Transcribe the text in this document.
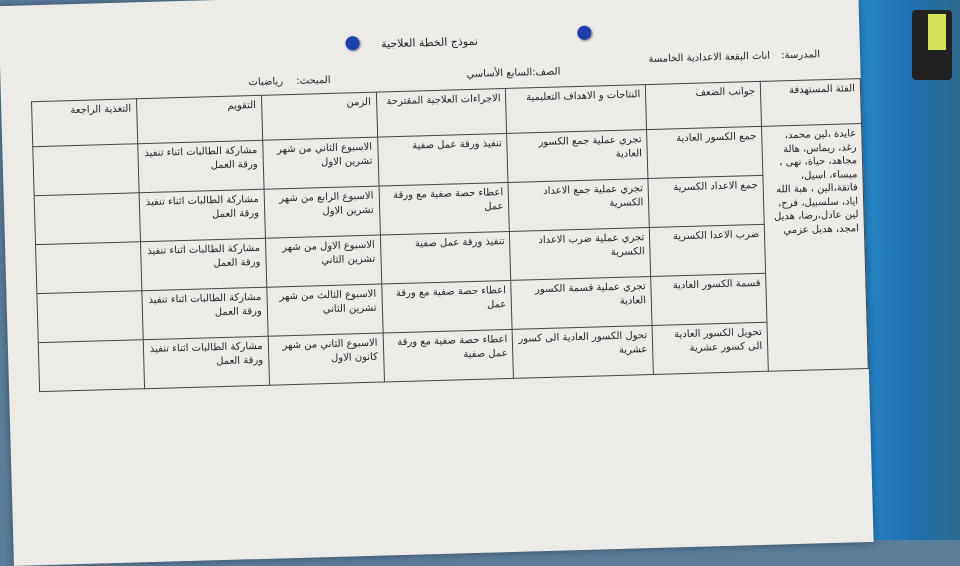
نموذج الخطة العلاجية
المدرسة: اناث البقعة الاعدادية الخامسة
الصف:السابع الأساسي
المبحث: رياضيات
الفئة المستهدفة	جوانب الضعف	النتاجات و الاهداف التعليمية	الاجراءات العلاجية المقترحة	الزمن	التقويم	التغذية الراجعة
عايدة ،لين محمد، رغد، ريماس، هالة مجاهد، حياة، نهى ، ميساء، اسيل، فاتقة،الين ، هبة الله اياد، سلسبيل، فرح، لين عادل،رضا، هديل امجد، هديل عزمي	جمع الكسور العادية	تجري عملية جمع الكسور العادية	تنفيذ ورقة عمل صفية	الاسبوع الثاني من شهر تشرين الاول	مشاركة الطالبات اثناء تنفيذ ورقة العمل	
	جمع الاعداد الكسرية	تجري عملية جمع الاعداد الكسرية	اعطاء حصة صفية مع ورقة عمل	الاسبوع الرابع من شهر تشرين الاول	مشاركة الطالبات اثناء تنفيذ ورقة العمل	
	ضرب الاعدا الكسرية	تجري عملية ضرب الاعداد الكسرية	تنفيذ ورقة عمل صفية	الاسبوع الاول من شهر تشرين الثاني	مشاركة الطالبات اثناء تنفيذ ورقة العمل	
	قسمة الكسور العادية	تجري عملية قسمة الكسور العادية	اعطاء حصة صفية مع ورقة عمل	الاسبوع الثالث من شهر تشرين الثاني	مشاركة الطالبات اثناء تنفيذ ورقة العمل	
	تحويل الكسور العادية الى كسور عشرية	تحول الكسور العادية الى كسور عشرية	اعطاء حصة صفية مع ورقة عمل صفية	الاسبوع الثاني من شهر كانون الاول	مشاركة الطالبات اثناء تنفيذ ورقة العمل	
